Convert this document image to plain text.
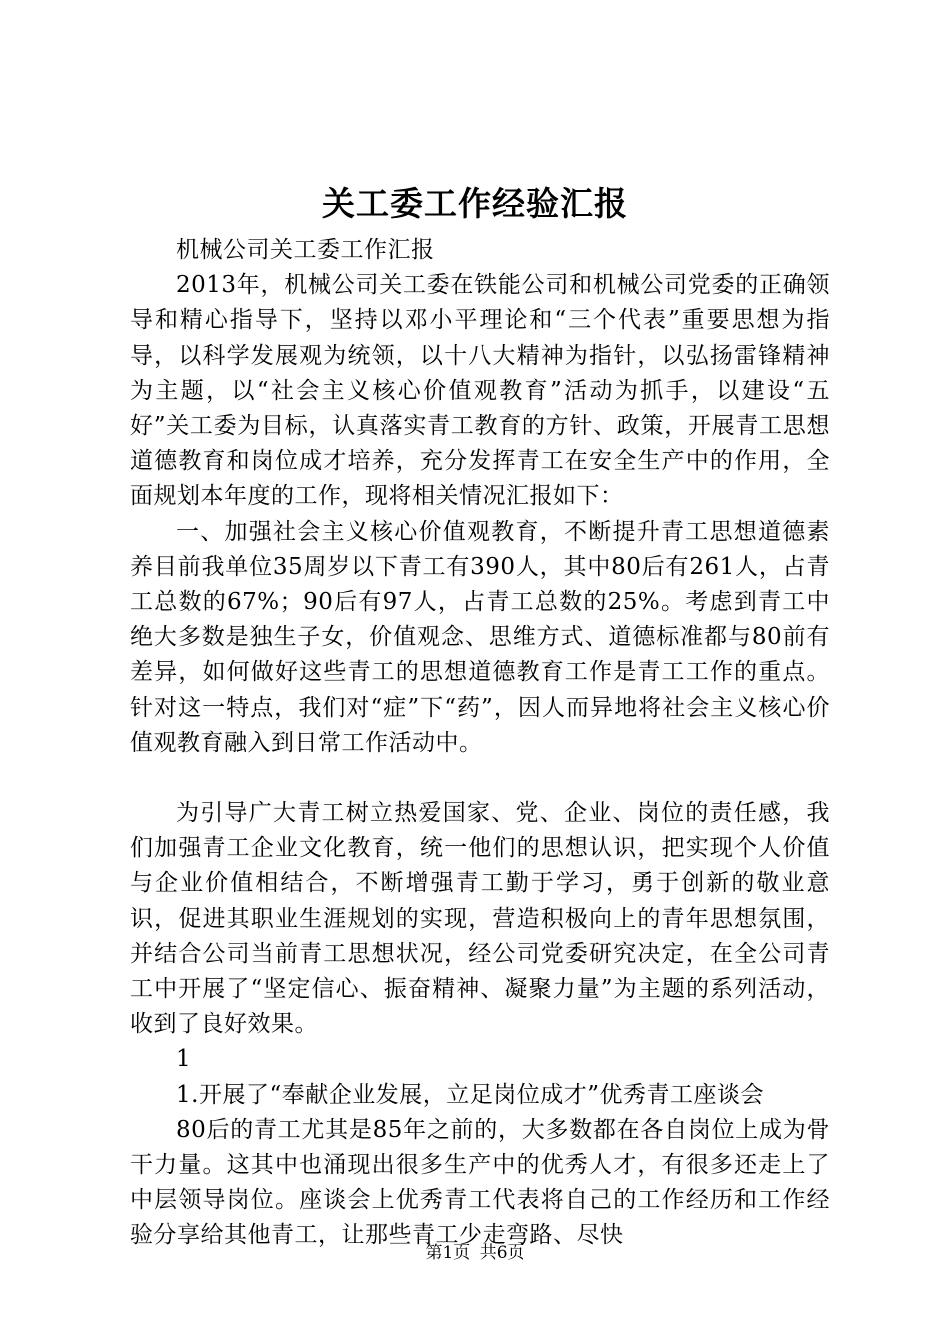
关工委工作经验汇报

机械公司关工委工作汇报

2013年，机械公司关工委在铁能公司和机械公司党委的正确领导和精心指导下，坚持以邓小平理论和“三个代表”重要思想为指导，以科学发展观为统领，以十八大精神为指针，以弘扬雷锋精神为主题，以“社会主义核心价值观教育”活动为抓手，以建设“五好”关工委为目标，认真落实青工教育的方针、政策，开展青工思想道德教育和岗位成才培养，充分发挥青工在安全生产中的作用，全面规划本年度的工作，现将相关情况汇报如下：

一、加强社会主义核心价值观教育，不断提升青工思想道德素养目前我单位35周岁以下青工有390人，其中80后有261人，占青工总数的67%；90后有97人，占青工总数的25%。考虑到青工中绝大多数是独生子女，价值观念、思维方式、道德标准都与80前有差异，如何做好这些青工的思想道德教育工作是青工工作的重点。针对这一特点，我们对“症”下“药”，因人而异地将社会主义核心价值观教育融入到日常工作活动中。

为引导广大青工树立热爱国家、党、企业、岗位的责任感，我们加强青工企业文化教育，统一他们的思想认识，把实现个人价值与企业价值相结合，不断增强青工勤于学习，勇于创新的敬业意识，促进其职业生涯规划的实现，营造积极向上的青年思想氛围，并结合公司当前青工思想状况，经公司党委研究决定，在全公司青工中开展了“坚定信心、振奋精神、凝聚力量”为主题的系列活动，收到了良好效果。

1

1.开展了“奉献企业发展，立足岗位成才”优秀青工座谈会

80后的青工尤其是85年之前的，大多数都在各自岗位上成为骨干力量。这其中也涌现出很多生产中的优秀人才，有很多还走上了中层领导岗位。座谈会上优秀青工代表将自己的工作经历和工作经验分享给其他青工，让那些青工少走弯路、尽快

第1页 共6页
